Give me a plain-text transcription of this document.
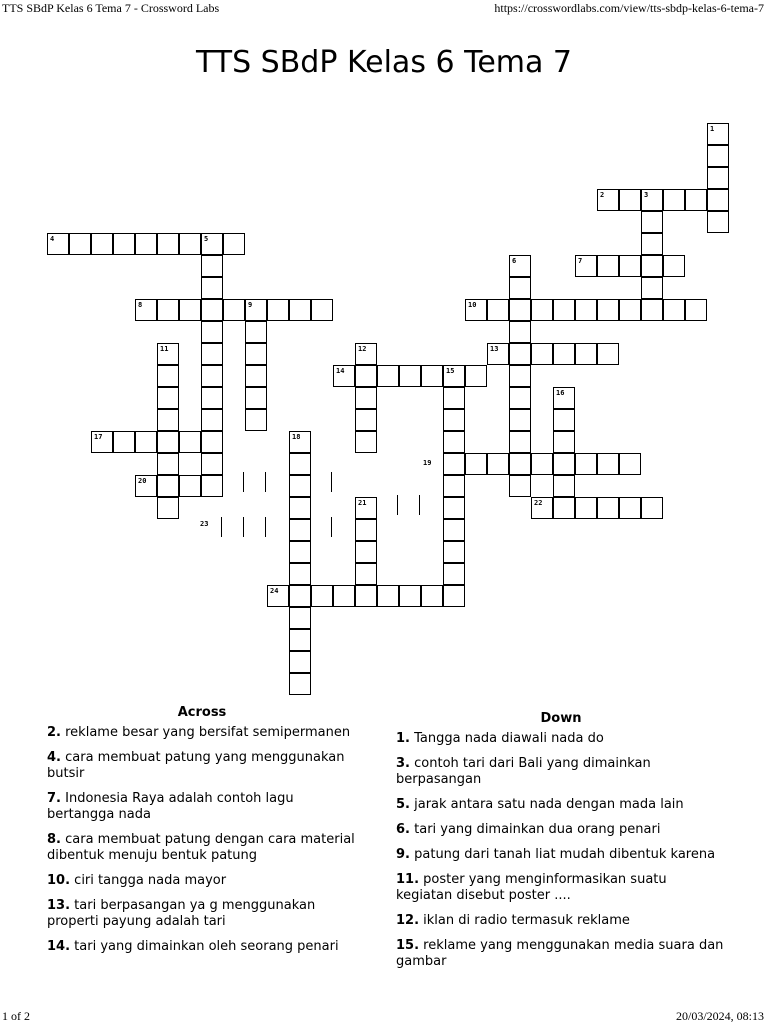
TTS SBdP Kelas 6 Tema 7 - Crossword Labs	https://crosswordlabs.com/view/tts-sbdp-kelas-6-tema-7
TTS SBdP Kelas 6 Tema 7
2	3
4	5
7
8	9	10
13
14	15
17
20
22
24
1
6
11	12
16
18
21
19
23
Across
2. reklame besar yang bersifat semipermanen
4. cara membuat patung yang menggunakan butsir
7. Indonesia Raya adalah contoh lagu bertangga nada
8. cara membuat patung dengan cara material dibentuk menuju bentuk patung
10. ciri tangga nada mayor
13. tari berpasangan ya g menggunakan properti payung adalah tari
14. tari yang dimainkan oleh seorang penari
Down
1. Tangga nada diawali nada do
3. contoh tari dari Bali yang dimainkan berpasangan
5. jarak antara satu nada dengan mada lain
6. tari yang dimainkan dua orang penari
9. patung dari tanah liat mudah dibentuk karena
11. poster yang menginformasikan suatu kegiatan disebut poster ....
12. iklan di radio termasuk reklame
15. reklame yang menggunakan media suara dan gambar
1 of 2	20/03/2024, 08:13
